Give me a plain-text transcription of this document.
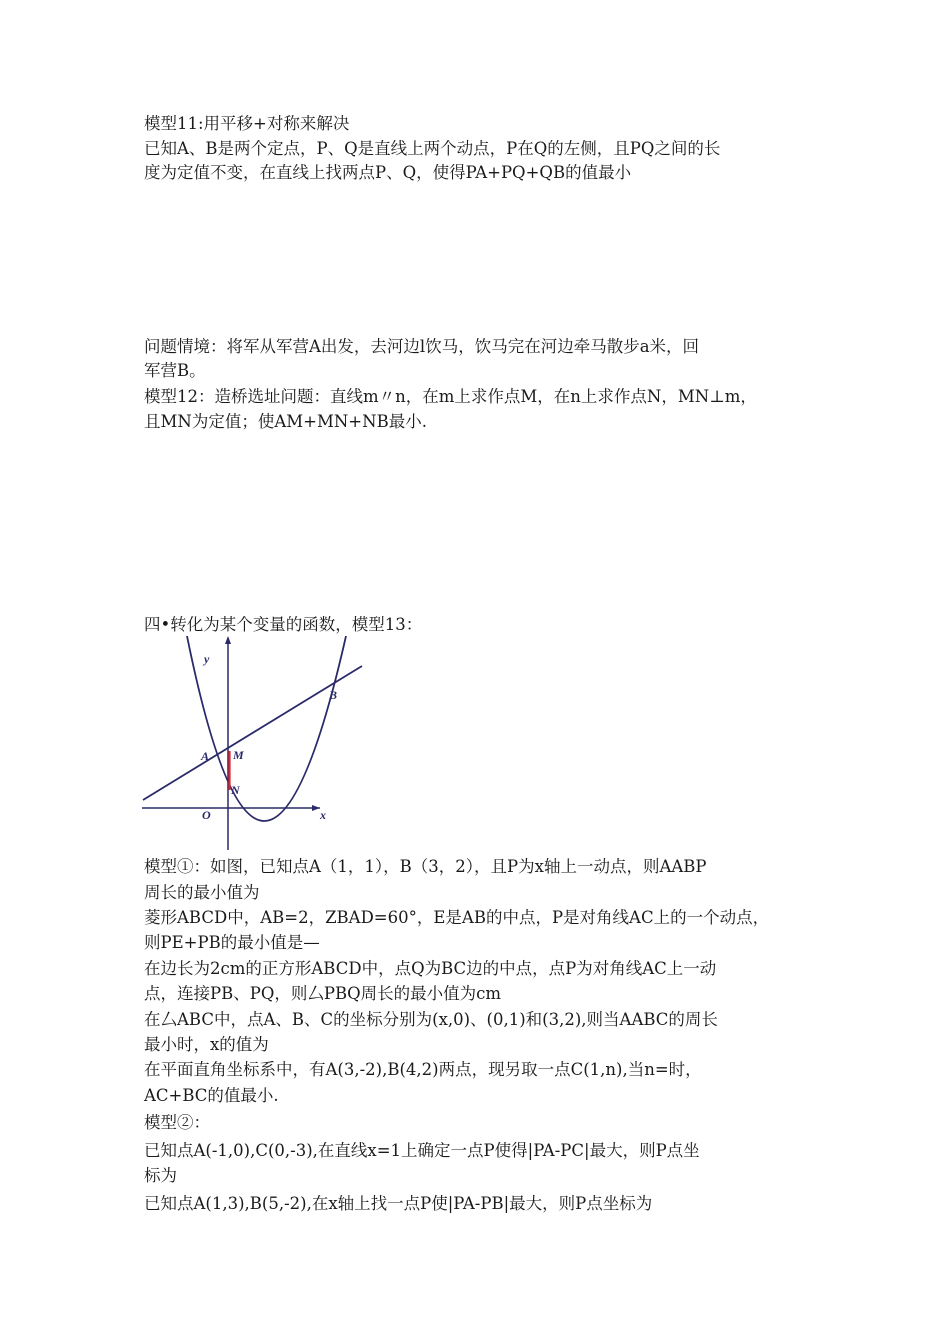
模型11:用平移+对称来解决
已知A、B是两个定点，P、Q是直线上两个动点，P在Q的左侧，且PQ之间的长
度为定值不变，在直线上找两点P、Q，使得PA+PQ+QB的值最小
问题情境：将军从军营A出发，去河边l饮马，饮马完在河边牵马散步a米，回
军营B。
模型12：造桥选址问题：直线m〃n，在m上求作点M，在n上求作点N，MN⊥m，
且MN为定值；使AM+MN+NB最小.
四•转化为某个变量的函数，模型13：
y
x
O
A
B
M
N
模型①：如图，已知点A（1，1），B（3，2），且P为x轴上一动点，则AABP
周长的最小值为
菱形ABCD中，AB=2，ZBAD=60°，E是AB的中点，P是对角线AC上的一个动点，
则PE+PB的最小值是—
在边长为2cm的正方形ABCD中，点Q为BC边的中点，点P为对角线AC上一动
点，连接PB、PQ，则厶PBQ周长的最小值为cm
在厶ABC中，点A、B、C的坐标分别为(x,0)、(0,1)和(3,2),则当AABC的周长
最小时，x的值为
在平面直角坐标系中，有A(3,-2),B(4,2)两点，现另取一点C(1,n),当n=时，
AC+BC的值最小.
模型②：
已知点A(-1,0),C(0,-3),在直线x=1上确定一点P使得|PA-PC|最大，则P点坐
标为
已知点A(1,3),B(5,-2),在x轴上找一点P使|PA-PB|最大，则P点坐标为
